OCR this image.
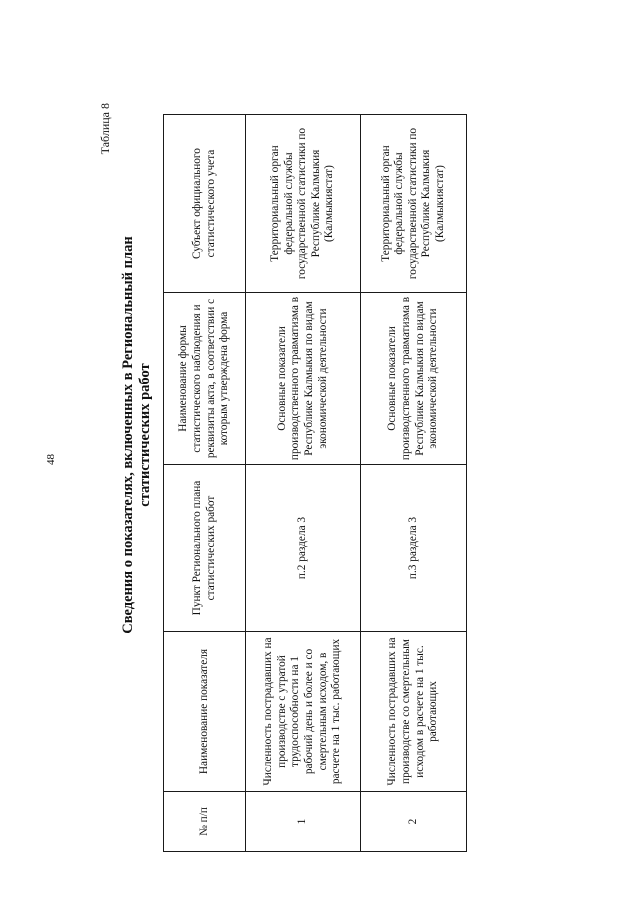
48
Таблица 8
Сведения о показателях, включенных в Региональный план статистических работ
№ п/п	Наименование показателя	Пункт Регионального плана статистических работ	Наименование формы статистического наблюдения и реквизиты акта, в соответствии с которым утверждена форма	Субъект официального статистического учета
1	Численность пострадавших на производстве с утратой трудоспособности на 1 рабочий день и более и со смертельным исходом, в расчете на 1 тыс. работающих	п.2 раздела 3	Основные показатели производственного травматизма в Республике Калмыкия по видам экономической деятельности	Территориальный орган федеральной службы государственной статистики по Республике Калмыкия (Калмыкиястат)
2	Численность пострадавших на производстве со смертельным исходом в расчете на 1 тыс. работающих	п.3 раздела 3	Основные показатели производственного травматизма в Республике Калмыкия по видам экономической деятельности	Территориальный орган федеральной службы государственной статистики по Республике Калмыкия (Калмыкиястат)
